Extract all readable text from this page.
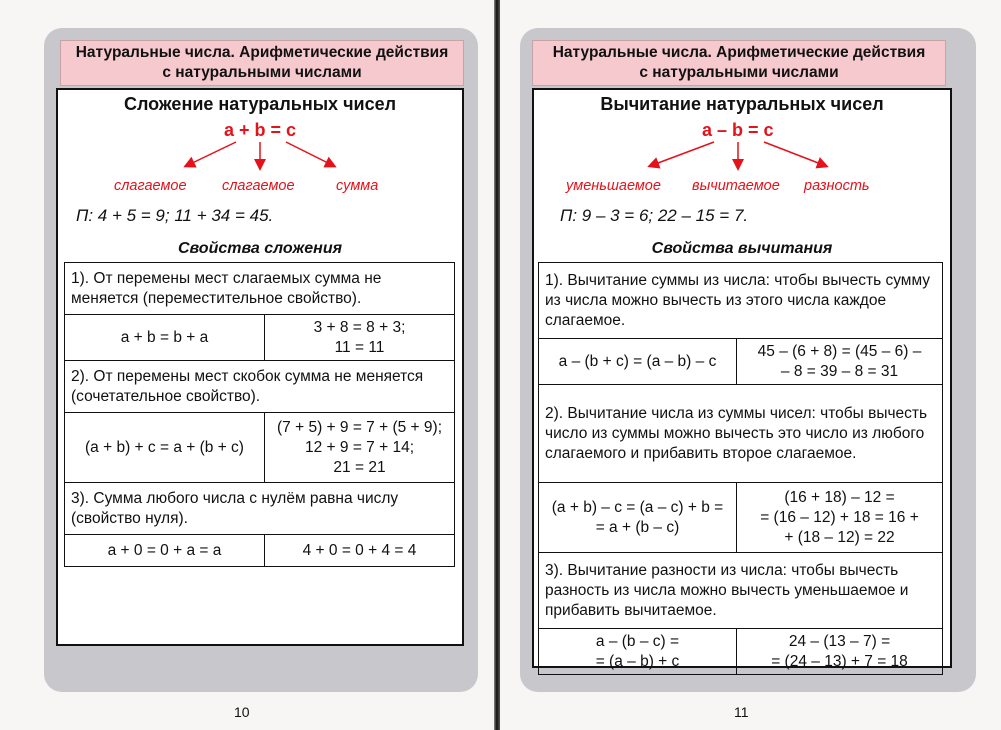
Натуральные числа. Арифметические действия
с натуральными числами
Сложение натуральных чисел
a + b = c
слагаемое слагаемое	сумма
П: 4 + 5 = 9; 11 + 34 = 45.
Свойства сложения
1). От перемены мест слагаемых сумма не меняется (переместительное свойство).	
a + b = b + a	3 + 8 = 8 + 3;
11 = 11
2). От перемены мест скобок сумма не меняется (сочетательное свойство).	
(a + b) + c = a + (b + c)	(7 + 5) + 9 = 7 + (5 + 9);
12 + 9 = 7 + 14;
21 = 21
3). Сумма любого числа с нулём равна числу (свойство нуля).	
a + 0 = 0 + a = a	4 + 0 = 0 + 4 = 4
10
Натуральные числа. Арифметические действия
с натуральными числами
Вычитание натуральных чисел
a – b = c
уменьшаемое вычитаемое разность
П: 9 – 3 = 6; 22 – 15 = 7.
Свойства вычитания
1). Вычитание суммы из числа: чтобы вычесть сумму из числа можно вычесть из этого числа каждое слагаемое.	
a – (b + c) = (a – b) – c	45 – (6 + 8) = (45 – 6) –
– 8 = 39 – 8 = 31
2). Вычитание числа из суммы чисел: чтобы вычесть число из суммы можно вычесть это число из любого слагаемого и прибавить второе слагаемое.	
(a + b) – c = (a – c) + b =
= a + (b – c)	(16 + 18) – 12 =
= (16 – 12) + 18 = 16 +
+ (18 – 12) = 22
3). Вычитание разности из числа: чтобы вычесть разность из числа можно вычесть уменьшаемое и прибавить вычитаемое.	
a – (b – c) =
= (a – b) + c	24 – (13 – 7) =
= (24 – 13) + 7 = 18
11
